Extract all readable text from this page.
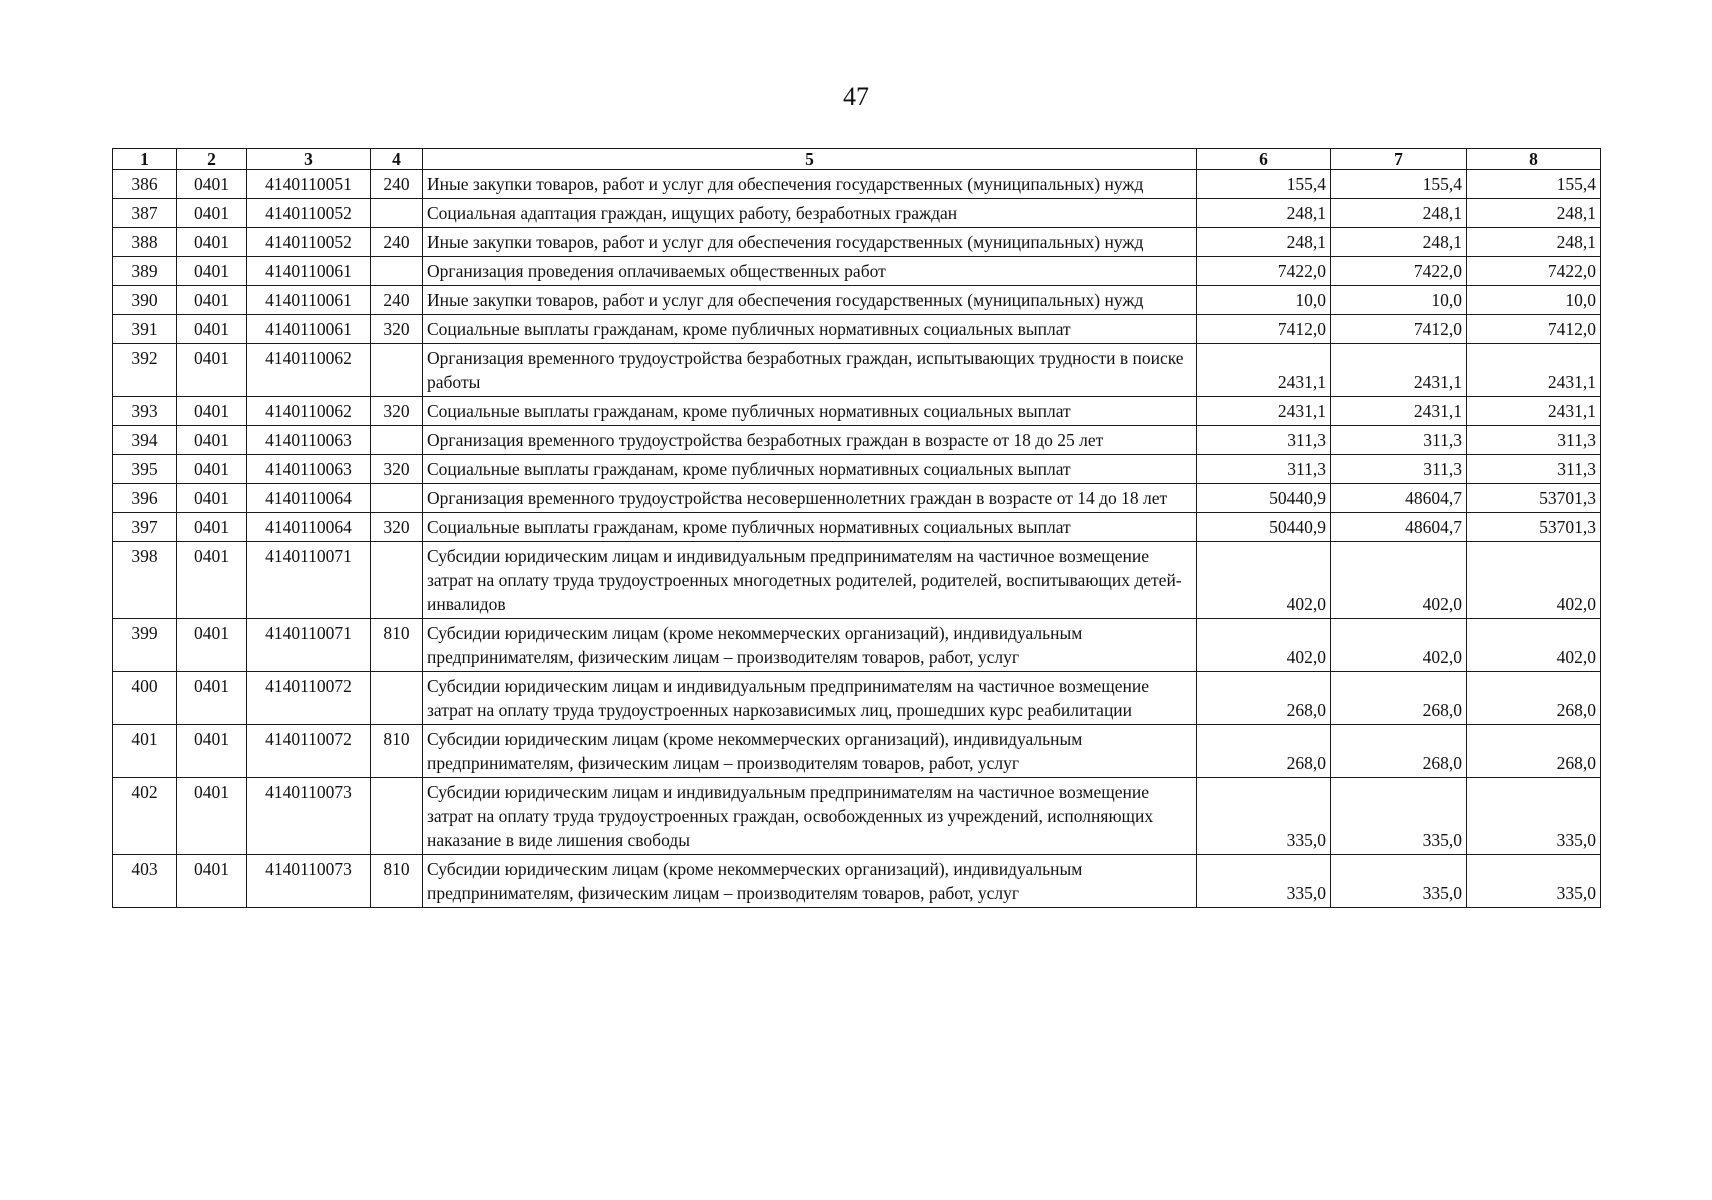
47
1	2	3	4	5	6	7	8
386	0401	4140110051	240	Иные закупки товаров, работ и услуг для обеспечения государственных (муниципальных) нужд	155,4	155,4	155,4
387	0401	4140110052		Социальная адаптация граждан, ищущих работу, безработных граждан	248,1	248,1	248,1
388	0401	4140110052	240	Иные закупки товаров, работ и услуг для обеспечения государственных (муниципальных) нужд	248,1	248,1	248,1
389	0401	4140110061		Организация проведения оплачиваемых общественных работ	7422,0	7422,0	7422,0
390	0401	4140110061	240	Иные закупки товаров, работ и услуг для обеспечения государственных (муниципальных) нужд	10,0	10,0	10,0
391	0401	4140110061	320	Социальные выплаты гражданам, кроме публичных нормативных социальных выплат	7412,0	7412,0	7412,0
392	0401	4140110062		Организация временного трудоустройства безработных граждан, испытывающих трудности в поиске работы	2431,1	2431,1	2431,1
393	0401	4140110062	320	Социальные выплаты гражданам, кроме публичных нормативных социальных выплат	2431,1	2431,1	2431,1
394	0401	4140110063		Организация временного трудоустройства безработных граждан в возрасте от 18 до 25 лет	311,3	311,3	311,3
395	0401	4140110063	320	Социальные выплаты гражданам, кроме публичных нормативных социальных выплат	311,3	311,3	311,3
396	0401	4140110064		Организация временного трудоустройства несовершеннолетних граждан в возрасте от 14 до 18 лет	50440,9	48604,7	53701,3
397	0401	4140110064	320	Социальные выплаты гражданам, кроме публичных нормативных социальных выплат	50440,9	48604,7	53701,3
398	0401	4140110071		Субсидии юридическим лицам и индивидуальным предпринимателям на частичное возмещение затрат на оплату труда трудоустроенных многодетных родителей, родителей, воспитывающих детей-инвалидов	402,0	402,0	402,0
399	0401	4140110071	810	Субсидии юридическим лицам (кроме некоммерческих организаций), индивидуальным предпринимателям, физическим лицам – производителям товаров, работ, услуг	402,0	402,0	402,0
400	0401	4140110072		Субсидии юридическим лицам и индивидуальным предпринимателям на частичное возмещение затрат на оплату труда трудоустроенных наркозависимых лиц, прошедших курс реабилитации	268,0	268,0	268,0
401	0401	4140110072	810	Субсидии юридическим лицам (кроме некоммерческих организаций), индивидуальным предпринимателям, физическим лицам – производителям товаров, работ, услуг	268,0	268,0	268,0
402	0401	4140110073		Субсидии юридическим лицам и индивидуальным предпринимателям на частичное возмещение затрат на оплату труда трудоустроенных граждан, освобожденных из учреждений, исполняющих наказание в виде лишения свободы	335,0	335,0	335,0
403	0401	4140110073	810	Субсидии юридическим лицам (кроме некоммерческих организаций), индивидуальным предпринимателям, физическим лицам – производителям товаров, работ, услуг	335,0	335,0	335,0
